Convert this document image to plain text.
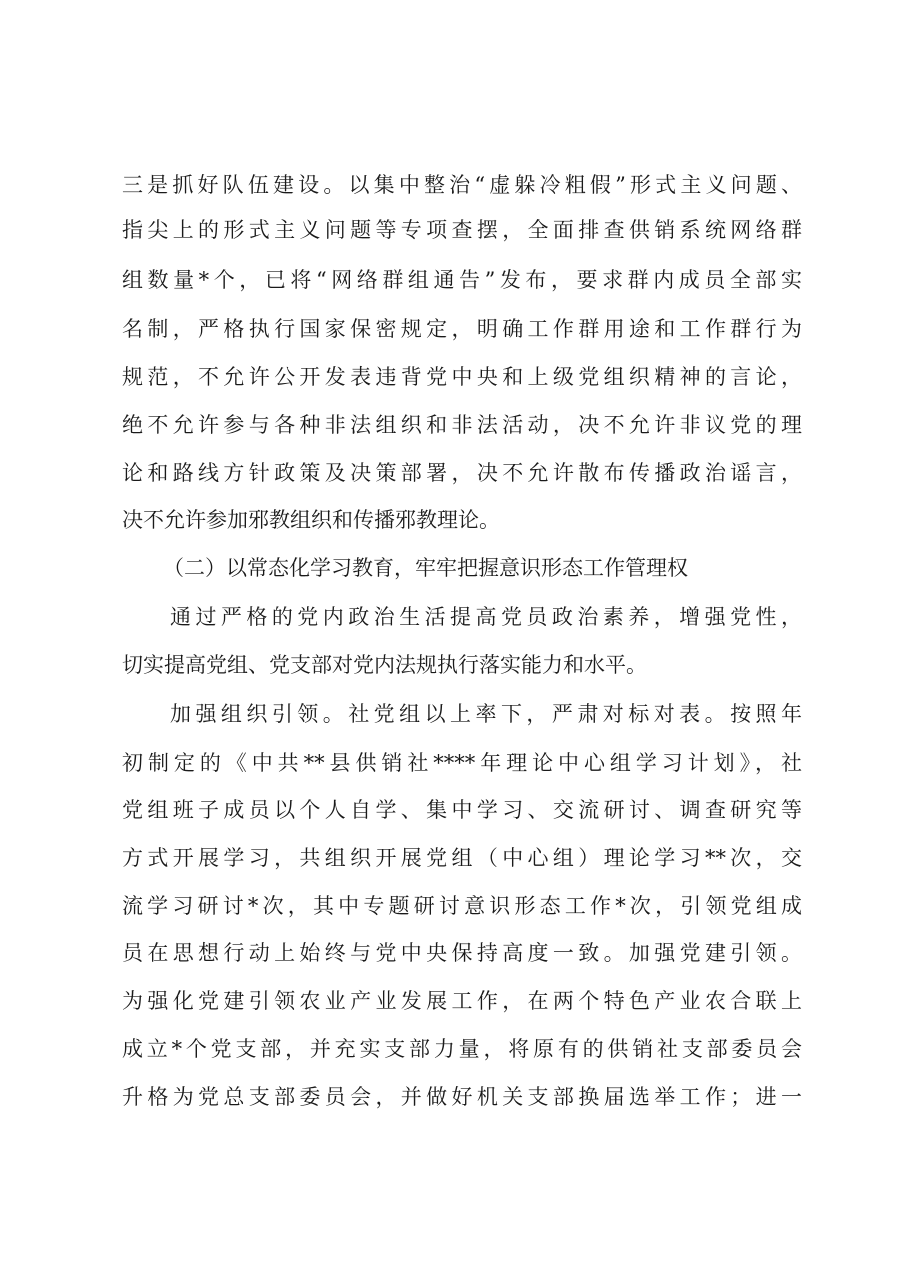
三是抓好队伍建设。以集中整治“虚躲冷粗假”形式主义问题、
指尖上的形式主义问题等专项查摆，全面排查供销系统网络群
组数量*个，已将“网络群组通告”发布，要求群内成员全部实
名制，严格执行国家保密规定，明确工作群用途和工作群行为
规范，不允许公开发表违背党中央和上级党组织精神的言论，
绝不允许参与各种非法组织和非法活动，决不允许非议党的理
论和路线方针政策及决策部署，决不允许散布传播政治谣言，
决不允许参加邪教组织和传播邪教理论。
（二）以常态化学习教育，牢牢把握意识形态工作管理权
通过严格的党内政治生活提高党员政治素养，增强党性，
切实提高党组、党支部对党内法规执行落实能力和水平。
加强组织引领。社党组以上率下，严肃对标对表。按照年
初制定的《中共**县供销社****年理论中心组学习计划》，社
党组班子成员以个人自学、集中学习、交流研讨、调查研究等
方式开展学习，共组织开展党组（中心组）理论学习**次，交
流学习研讨*次，其中专题研讨意识形态工作*次，引领党组成
员在思想行动上始终与党中央保持高度一致。加强党建引领。
为强化党建引领农业产业发展工作，在两个特色产业农合联上
成立*个党支部，并充实支部力量，将原有的供销社支部委员会
升格为党总支部委员会，并做好机关支部换届选举工作；进一
